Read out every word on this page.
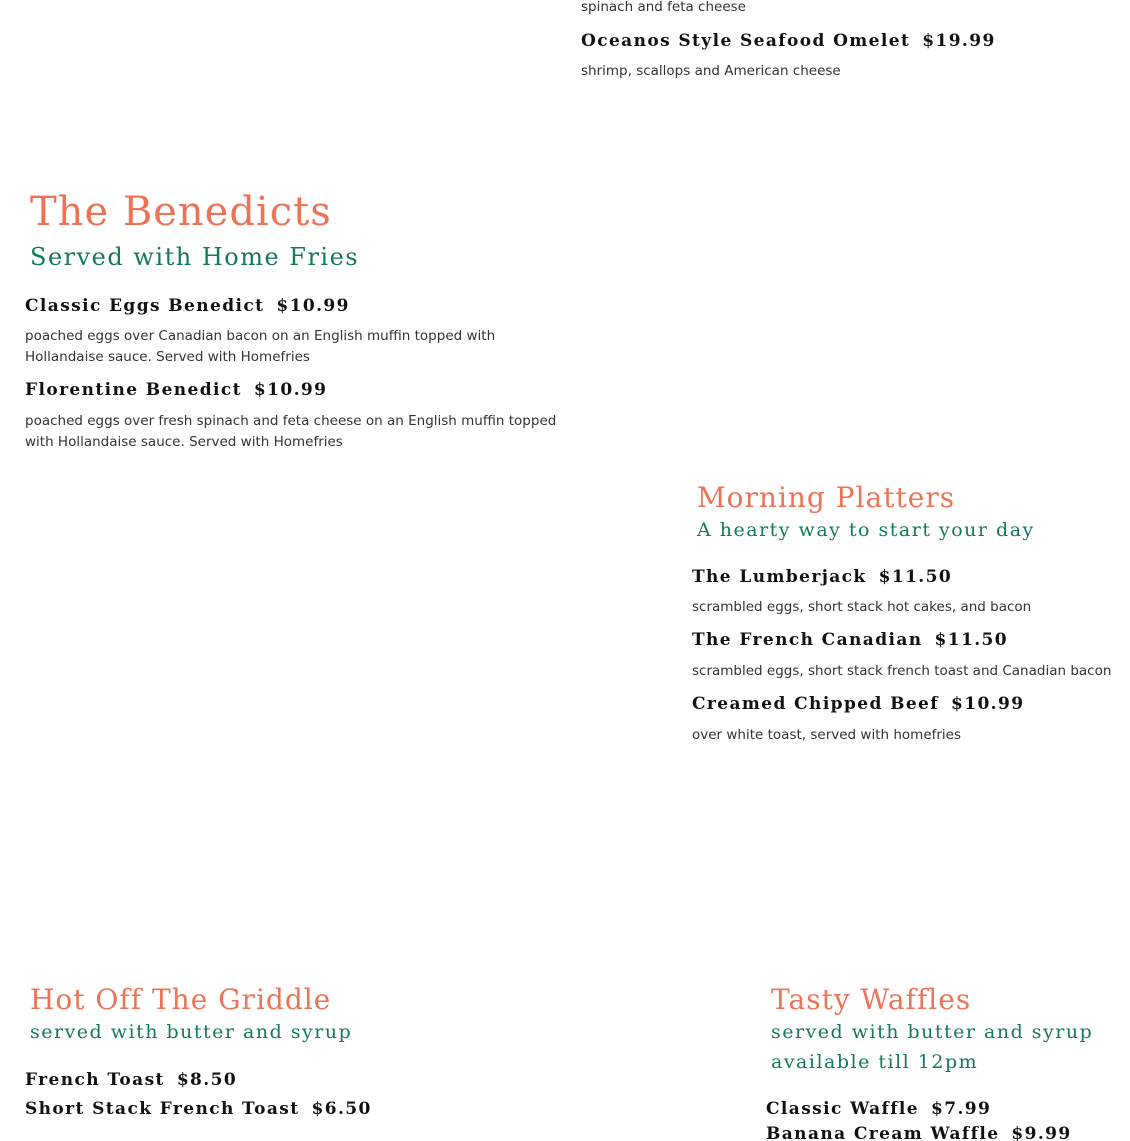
spinach and feta cheese
Oceanos Style Seafood Omelet $19.99
shrimp, scallops and American cheese
The Benedicts
Served with Home Fries
Classic Eggs Benedict $10.99
poached eggs over Canadian bacon on an English muffin topped with Hollandaise sauce. Served with Homefries
Florentine Benedict $10.99
poached eggs over fresh spinach and feta cheese on an English muffin topped with Hollandaise sauce. Served with Homefries
Morning Platters
A hearty way to start your day
The Lumberjack $11.50
scrambled eggs, short stack hot cakes, and bacon
The French Canadian $11.50
scrambled eggs, short stack french toast and Canadian bacon
Creamed Chipped Beef $10.99
over white toast, served with homefries
Hot Off The Griddle
served with butter and syrup
French Toast $8.50
Short Stack French Toast $6.50
Tasty Waffles
served with butter and syrup
available till 12pm
Classic Waffle $7.99
Banana Cream Waffle $9.99
